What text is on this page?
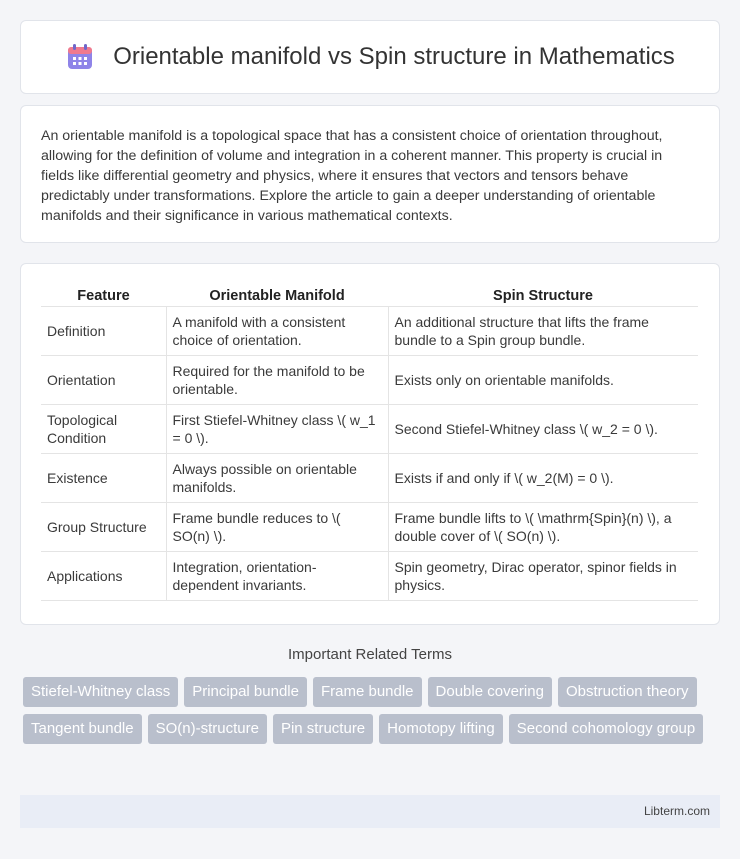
Orientable manifold vs Spin structure in Mathematics

An orientable manifold is a topological space that has a consistent choice of orientation throughout, allowing for the definition of volume and integration in a coherent manner. This property is crucial in fields like differential geometry and physics, where it ensures that vectors and tensors behave predictably under transformations. Explore the article to gain a deeper understanding of orientable manifolds and their significance in various mathematical contexts.

Feature	Orientable Manifold	Spin Structure
Definition	A manifold with a consistent choice of orientation.	An additional structure that lifts the frame bundle to a Spin group bundle.
Orientation	Required for the manifold to be orientable.	Exists only on orientable manifolds.
Topological Condition	First Stiefel-Whitney class \( w_1 = 0 \).	Second Stiefel-Whitney class \( w_2 = 0 \).
Existence	Always possible on orientable manifolds.	Exists if and only if \( w_2(M) = 0 \).
Group Structure	Frame bundle reduces to \( SO(n) \).	Frame bundle lifts to \( \mathrm{Spin}(n) \), a double cover of \( SO(n) \).
Applications	Integration, orientation-dependent invariants.	Spin geometry, Dirac operator, spinor fields in physics.
Important Related Terms
Stiefel-Whitney class	Principal bundle	Frame bundle	Double covering	Obstruction theory
Tangent bundle	SO(n)-structure	Pin structure	Homotopy lifting	Second cohomology group
Libterm.com
